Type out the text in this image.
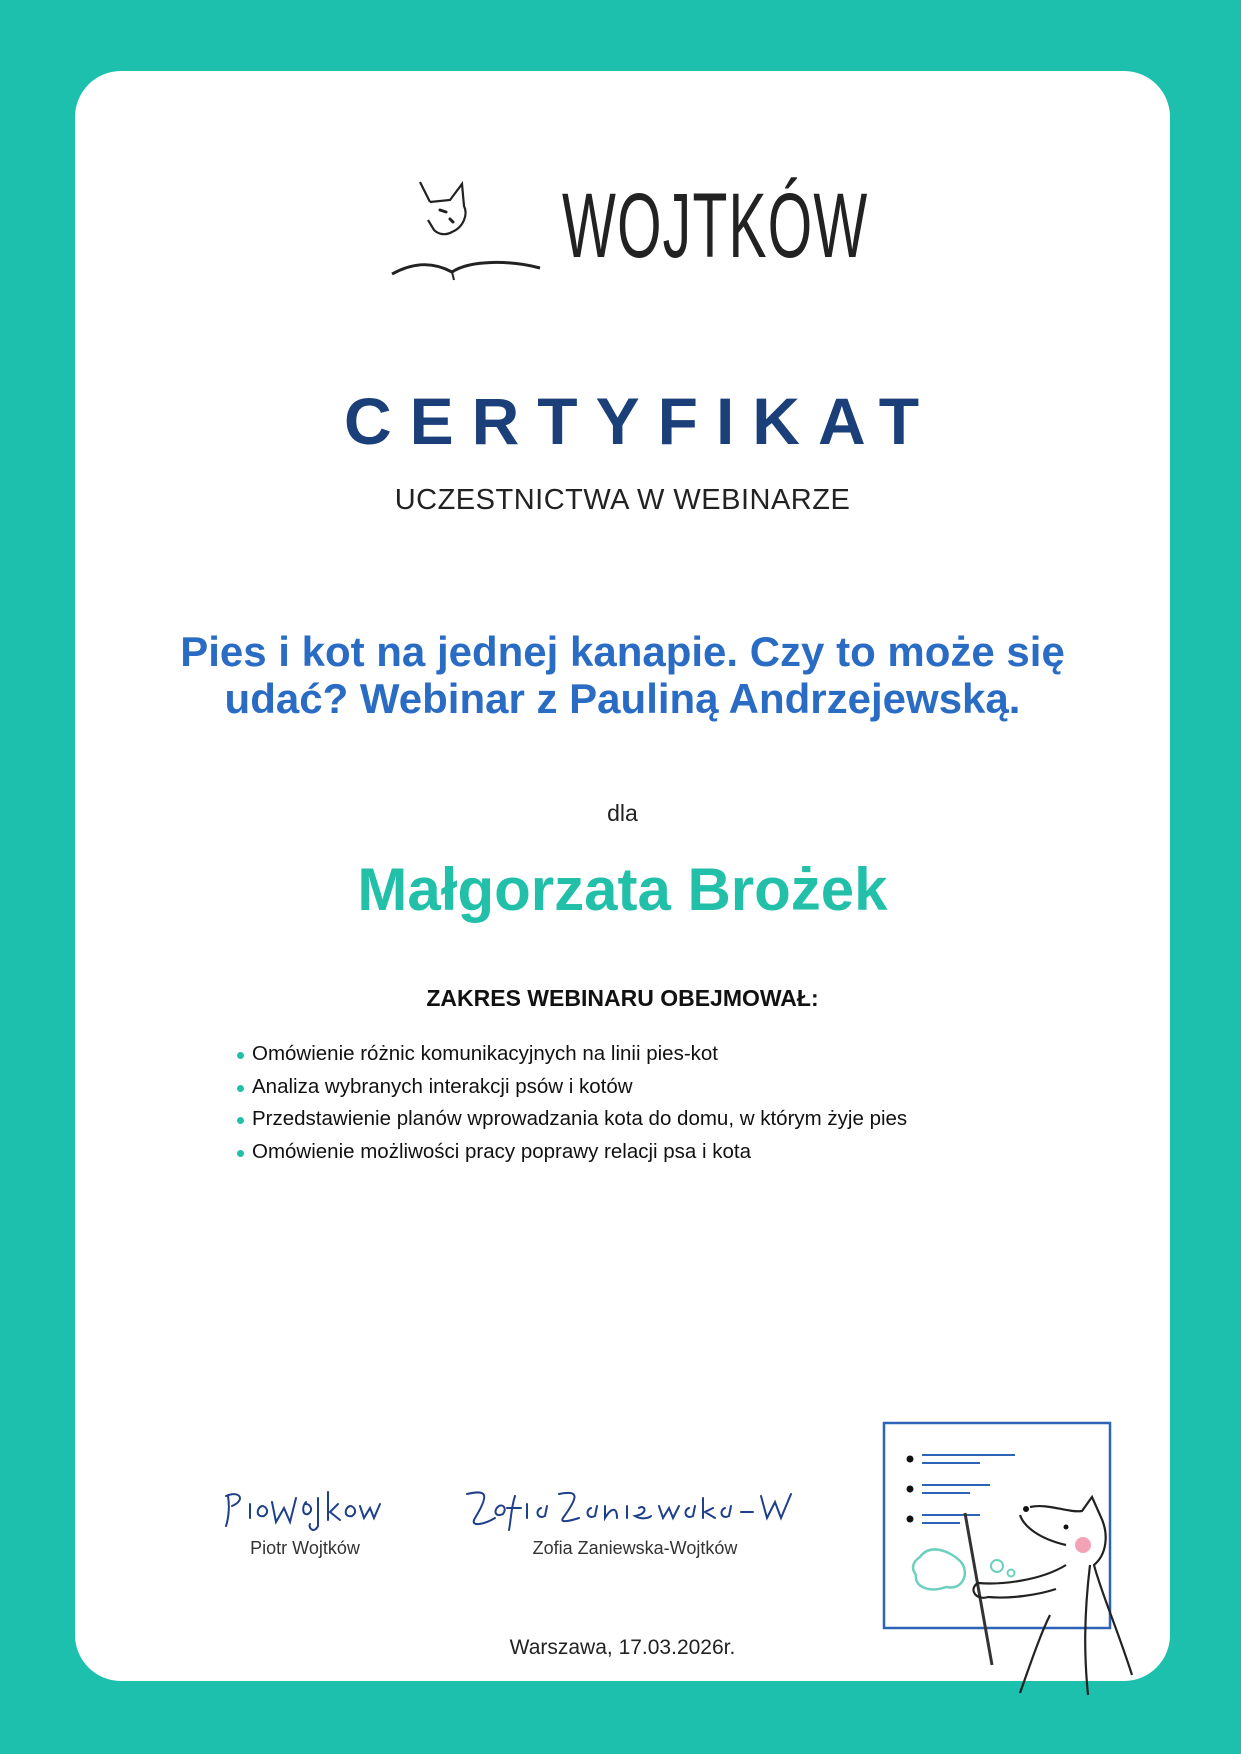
WOJTKÓW
CERTYFIKAT
UCZESTNICTWA W WEBINARZE
Pies i kot na jednej kanapie. Czy to może się udać? Webinar z Pauliną Andrzejewską.
dla
Małgorzata Brożek
ZAKRES WEBINARU OBEJMOWAŁ:
Omówienie różnic komunikacyjnych na linii pies-kot
Analiza wybranych interakcji psów i kotów
Przedstawienie planów wprowadzania kota do domu, w którym żyje pies
Omówienie możliwości pracy poprawy relacji psa i kota
Piotr Wojtków	Zofia Zaniewska-Wojtków
Warszawa, 17.03.2026r.
